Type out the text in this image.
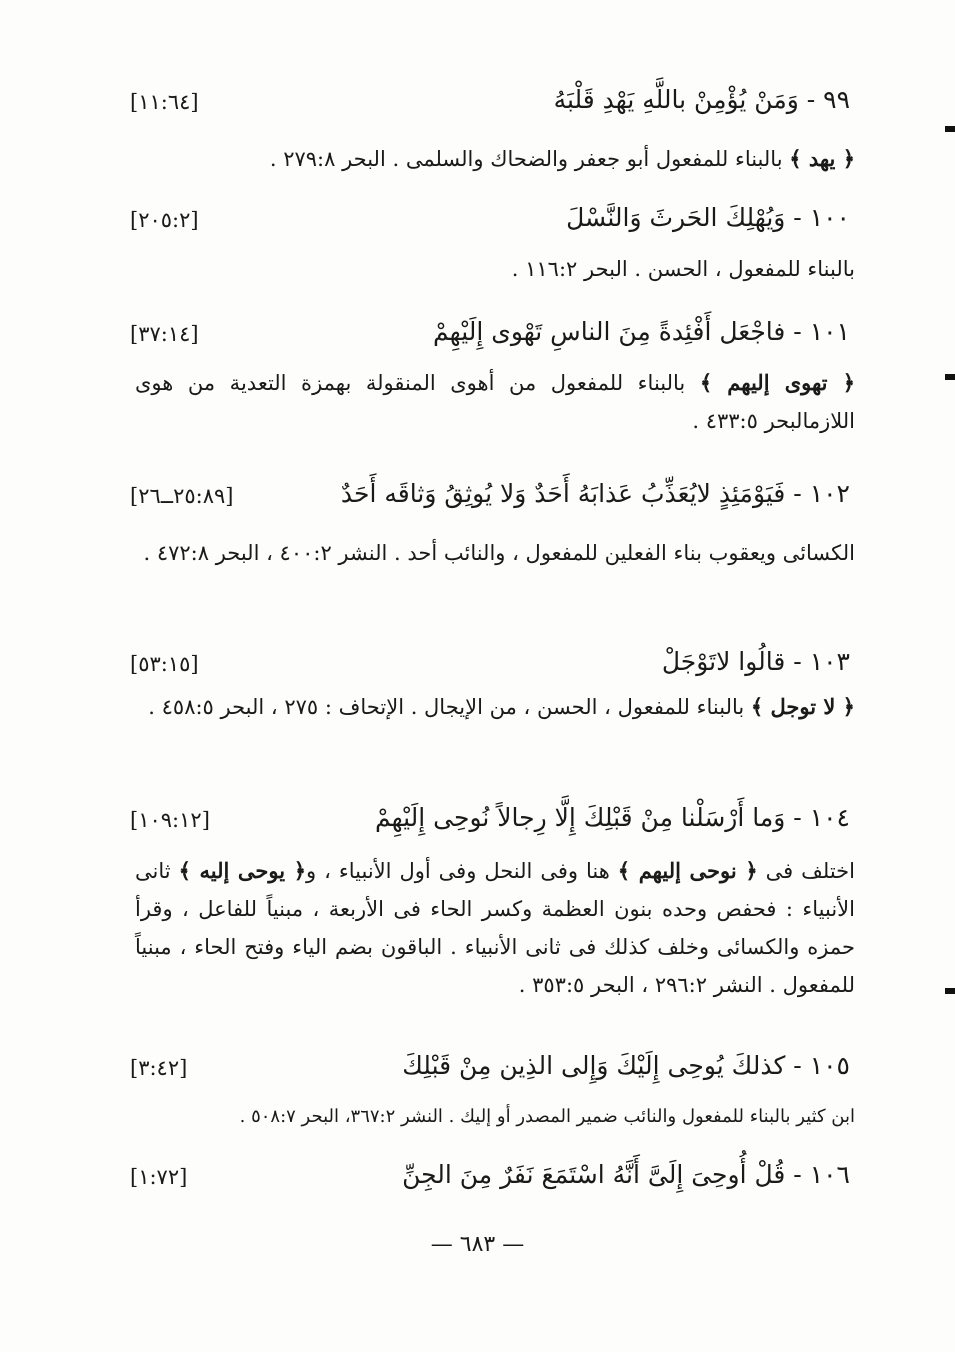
٩٩ - وَمَنْ يُؤْمِنْ باللَّهِ يَهْدِ قَلْبَهُ
[١١:٦٤]
﴿ يهد ﴾ بالبناء للمفعول أبو جعفر والضحاك والسلمى . البحر ٢٧٩:٨ .
١٠٠ - وَيُهْلِكَ الحَرثَ وَالنَّسْلَ
[٢٠٥:٢]
بالبناء للمفعول ، الحسن . البحر ١١٦:٢ .
١٠١ - فاجْعَل أَفْئِدةً مِنَ الناسِ تَهْوى إِلَيْهِمْ
[٣٧:١٤]
﴿ تهوى إليهم ﴾ بالبناء للمفعول من أهوى المنقولة بهمزة التعدية من هوى اللازمالبحر ٤٣٣:٥ .
١٠٢ - فَيَوْمَئِذٍ لايُعَذِّبُ عَذابَهُ أَحَدٌ وَلا يُوثِقُ وَثاقَه أَحَدٌ
[٢٥:٨٩ــ٢٦]
الكسائى ويعقوب بناء الفعلين للمفعول ، والنائب أحد . النشر ٤٠٠:٢ ، البحر ٤٧٢:٨ .
١٠٣ - قالُوا لاتَوْجَلْ
[٥٣:١٥]
﴿ لا توجل ﴾ بالبناء للمفعول ، الحسن ، من الإيجال . الإتحاف : ٢٧٥ ، البحر ٤٥٨:٥ .
١٠٤ - وَما أَرْسَلْنا مِنْ قَبْلِكَ إِلَّا رِجالاً نُوحِى إِلَيْهِمْ
[١٠٩:١٢]
اختلف فى ﴿ نوحى إليهم ﴾ هنا وفى النحل وفى أول الأنبياء ، و﴿ يوحى إليه ﴾ ثانى الأنبياء : فحفص وحده بنون العظمة وكسر الحاء فى الأربعة ، مبنياً للفاعل ، وقرأ حمزه والكسائى وخلف كذلك فى ثانى الأنبياء . الباقون بضم الياء وفتح الحاء ، مبنياً للمفعول . النشر ٢٩٦:٢ ، البحر ٣٥٣:٥ .
١٠٥ - كذلكَ يُوحِى إِلَيْكَ وَإِلى الذِين مِنْ قَبْلِكَ
[٣:٤٢]
ابن كثير بالبناء للمفعول والنائب ضمير المصدر أو إليك . النشر ٣٦٧:٢، البحر ٥٠٨:٧ .
١٠٦ - قُلْ أُوحِىَ إِلَىَّ أَنَّهُ اسْتَمَعَ نَفَرٌ مِنَ الجِنِّ
[١:٧٢]
— ٦٨٣ —
